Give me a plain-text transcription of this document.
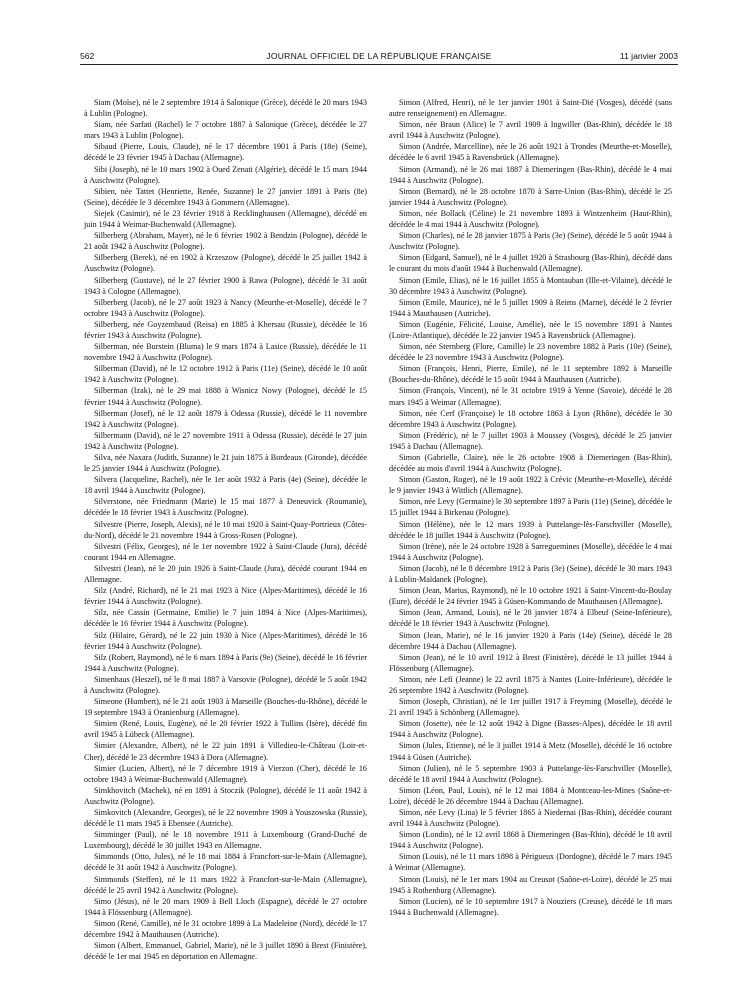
562	JOURNAL OFFICIEL DE LA RÉPUBLIQUE FRANÇAISE	11 janvier 2003

Siam (Moïse), né le 2 septembre 1914 à Salonique (Grèce), décédé le 20 mars 1943 à Lublin (Pologne).

Siam, née Sarfati (Rachel) le 7 octobre 1887 à Salonique (Grèce), décédée le 27 mars 1943 à Lublin (Pologne).

Sibaud (Pierre, Louis, Claude), né le 17 décembre 1901 à Paris (18e) (Seine), décédé le 23 février 1945 à Dachau (Allemagne).

Sibi (Joseph), né le 10 mars 1902 à Oued Zenati (Algérie), décédé le 15 mars 1944 à Auschwitz (Pologne).

Sibien, née Tattet (Henriette, Renée, Suzanne) le 27 janvier 1891 à Paris (8e) (Seine), décédée le 3 décembre 1943 à Gommern (Allemagne).

Siejek (Casimir), né le 23 février 1918 à Recklinghausen (Allemagne), décédé en juin 1944 à Weimar-Buchenwald (Allemagne).

Silberberg (Abraham, Mayer), né le 6 février 1902 à Bendzin (Pologne), décédé le 21 août 1942 à Auschwitz (Pologne).

Silberberg (Berek), né en 1902 à Krzeszow (Pologne), décédé le 25 juillet 1942 à Auschwitz (Pologne).

Silberberg (Gustave), né le 27 février 1900 à Rawa (Pologne), décédé le 31 août 1943 à Cologne (Allemagne).

Silberberg (Jacob), né le 27 août 1923 à Nancy (Meurthe-et-Moselle), décédé le 7 octobre 1943 à Auschwitz (Pologne).

Silberberg, née Goyzembaud (Reisa) en 1885 à Khersau (Russie), décédée le 16 février 1943 à Auschwitz (Pologne).

Silberman, née Burstein (Bluma) le 9 mars 1874 à Lasice (Russie), décédée le 11 novembre 1942 à Auschwitz (Pologne).

Silberman (David), né le 12 octobre 1912 à Paris (11e) (Seine), décédé le 10 août 1942 à Auschwitz (Pologne).

Silberman (Izak), né le 29 mai 1888 à Wisnicz Nowy (Pologne), décédé le 15 février 1944 à Auschwitz (Pologne).

Silberman (Josef), né le 12 août 1879 à Odessa (Russie), décédé le 11 novembre 1942 à Auschwitz (Pologne).

Silbermann (David), né le 27 novembre 1911 à Odessa (Russie), décédé le 27 juin 1942 à Auschwitz (Pologne).

Silva, née Naxara (Judith, Suzanne) le 21 juin 1875 à Bordeaux (Gironde), décédée le 25 janvier 1944 à Auschwitz (Pologne).

Silvera (Jacqueline, Rachel), née le 1er août 1932 à Paris (4e) (Seine), décédée le 18 avril 1944 à Auschwitz (Pologne).

Silverstone, née Friedmann (Marie) le 15 mai 1877 à Deneuvick (Roumanie), décédée le 18 février 1943 à Auschwitz (Pologne).

Silvestre (Pierre, Joseph, Alexis), né le 10 mai 1920 à Saint-Quay-Portrieux (Côtes-du-Nord), décédé le 21 novembre 1944 à Gross-Rosen (Pologne).

Silvestri (Félix, Georges), né le 1er novembre 1922 à Saint-Claude (Jura), décédé courant 1944 en Allemagne.

Silvestri (Jean), né le 20 juin 1926 à Saint-Claude (Jura), décédé courant 1944 en Allemagne.

Silz (André, Richard), né le 21 mai 1923 à Nice (Alpes-Maritimes), décédé le 16 février 1944 à Auschwitz (Pologne).

Silz, née Cassin (Germaine, Emilie) le 7 juin 1894 à Nice (Alpes-Maritimes), décédée le 16 février 1944 à Auschwitz (Pologne).

Silz (Hilaire, Gérard), né le 22 juin 1930 à Nice (Alpes-Maritimes), décédé le 16 février 1944 à Auschwitz (Pologne).

Silz (Robert, Raymond), né le 6 mars 1894 à Paris (9e) (Seine), décédé le 16 février 1944 à Auschwitz (Pologne).

Simenhaus (Heszel), né le 8 mai 1887 à Varsovie (Pologne), décédé le 5 août 1942 à Auschwitz (Pologne).

Simeone (Humbert), né le 21 août 1903 à Marseille (Bouches-du-Rhône), décédé le 19 septembre 1943 à Oranienburg (Allemagne).

Simien (René, Louis, Eugène), né le 20 février 1922 à Tullins (Isère), décédé fin avril 1945 à Lübeck (Allemagne).

Simier (Alexandre, Albert), né le 22 juin 1891 à Villedieu-le-Château (Loir-et-Cher), décédé le 23 décembre 1943 à Dora (Allemagne).

Simier (Lucien, Albert), né le 7 décembre 1919 à Vierzon (Cher), décédé le 16 octobre 1943 à Weimar-Buchenwald (Allemagne).

Simkhovitch (Machek), né en 1891 à Stoczik (Pologne), décédé le 11 août 1942 à Auschwitz (Pologne).

Simkovitch (Alexandre, Georges), né le 22 novembre 1909 à Youszowska (Russie), décédé le 11 mars 1945 à Ebensee (Autriche).

Simminger (Paul), né le 18 novembre 1911 à Luxembourg (Grand-Duché de Luxembourg), décédé le 30 juillet 1943 en Allemagne.

Simmonds (Otto, Jules), né le 18 mai 1884 à Francfort-sur-le-Main (Allemagne), décédé le 31 août 1942 à Auschwitz (Pologne).

Simmonds (Steffen), né le 11 mars 1922 à Francfort-sur-le-Main (Allemagne), décédé le 25 avril 1942 à Auschwitz (Pologne).

Simo (Jésus), né le 20 mars 1909 à Bell Lloch (Espagne), décédé le 27 octobre 1944 à Flössenburg (Allemagne).

Simon (René, Camille), né le 31 octobre 1899 à La Madeleine (Nord), décédé le 17 décembre 1942 à Mauthausen (Autriche).

Simon (Albert, Emmanuel, Gabriel, Marie), né le 3 juillet 1890 à Brest (Finistère), décédé le 1er mai 1945 en déportation en Allemagne.

Simon (Alfred, Henri), né le 1er janvier 1901 à Saint-Dié (Vosges), décédé (sans autre renseignement) en Allemagne.

Simon, née Braun (Alice) le 7 avril 1909 à Ingwiller (Bas-Rhin), décédée le 18 avril 1944 à Auschwitz (Pologne).

Simon (Andrée, Marcelline), née le 26 août 1921 à Trondes (Meurthe-et-Moselle), décédée le 6 avril 1945 à Ravensbrück (Allemagne).

Simon (Armand), né le 26 mai 1887 à Diemeringen (Bas-Rhin), décédé le 4 mai 1944 à Auschwitz (Pologne).

Simon (Bernard), né le 28 octobre 1870 à Sarre-Union (Bas-Rhin), décédé le 25 janvier 1944 à Auschwitz (Pologne).

Simon, née Bollack (Céline) le 21 novembre 1893 à Wintzenheim (Haut-Rhin), décédée le 4 mai 1944 à Auschwitz (Pologne).

Simon (Charles), né le 28 janvier 1875 à Paris (3e) (Seine), décédé le 5 août 1944 à Auschwitz (Pologne).

Simon (Edgard, Samuel), né le 4 juillet 1920 à Strasbourg (Bas-Rhin), décédé dans le courant du mois d'août 1944 à Buchenwald (Allemagne).

Simon (Emile, Elias), né le 16 juillet 1855 à Montauban (Ille-et-Vilaine), décédé le 30 décembre 1943 à Auschwitz (Pologne).

Simon (Emile, Maurice), né le 5 juillet 1909 à Reims (Marne), décédé le 2 février 1944 à Mauthausen (Autriche).

Simon (Eugénie, Félicité, Louise, Amélie), née le 15 novembre 1891 à Nantes (Loire-Atlantique), décédée le 22 janvier 1945 à Ravensbrück (Allemagne).

Simon, née Sternberg (Flore, Camille) le 23 novembre 1882 à Paris (10e) (Seine), décédée le 23 novembre 1943 à Auschwitz (Pologne).

Simon (François, Henri, Pierre, Emile), né le 11 septembre 1892 à Marseille (Bouches-du-Rhône), décédé le 15 août 1944 à Mauthausen (Autriche).

Simon (François, Vincent), né le 31 octobre 1919 à Yenne (Savoie), décédé le 28 mars 1945 à Weimar (Allemagne).

Simon, née Cerf (Françoise) le 18 octobre 1863 à Lyon (Rhône), décédée le 30 décembre 1943 à Auschwitz (Pologne).

Simon (Frédéric), né le 7 juillet 1903 à Moussey (Vosges), décédé le 25 janvier 1945 à Dachau (Allemagne).

Simon (Gabrielle, Claire), née le 26 octobre 1908 à Diemeringen (Bas-Rhin), décédée au mois d'avril 1944 à Auschwitz (Pologne).

Simon (Gaston, Roger), né le 19 août 1922 à Crévic (Meurthe-et-Moselle), décédé le 9 janvier 1943 à Wittlich (Allemagne).

Simon, née Levy (Germaine) le 30 septembre 1897 à Paris (11e) (Seine), décédée le 15 juillet 1944 à Birkenau (Pologne).

Simon (Hélène), née le 12 mars 1939 à Puttelange-lès-Farschviller (Moselle), décédée le 18 juillet 1944 à Auschwitz (Pologne).

Simon (Irène), née le 24 octobre 1928 à Sarreguemines (Moselle), décédée le 4 mai 1944 à Auschwitz (Pologne).

Simon (Jacob), né le 8 décembre 1912 à Paris (3e) (Seine), décédé le 30 mars 1943 à Lublin-Maïdanek (Pologne).

Simon (Jean, Marius, Raymond), né le 10 octobre 1921 à Saint-Vincent-du-Boulay (Eure), décédé le 24 février 1945 à Güsen-Kommando de Mauthausen (Allemagne).

Simon (Jean, Armand, Louis), né le 28 janvier 1874 à Elbeuf (Seine-Inférieure), décédé le 18 février 1943 à Auschwitz (Pologne).

Simon (Jean, Marie), né le 16 janvier 1920 à Paris (14e) (Seine), décédé le 28 décembre 1944 à Dachau (Allemagne).

Simon (Jean), né le 10 avril 1912 à Brest (Finistère), décédé le 13 juillet 1944 à Flössenburg (Allemagne).

Simon, née Lefi (Jeanne) le 22 avril 1875 à Nantes (Loire-Inférieure), décédée le 26 septembre 1942 à Auschwitz (Pologne).

Simon (Joseph, Christian), né le 1er juillet 1917 à Freyming (Moselle), décédé le 21 avril 1945 à Schönberg (Allemagne).

Simon (Josette), née le 12 août 1942 à Digne (Basses-Alpes), décédée le 18 avril 1944 à Auschwitz (Pologne).

Simon (Jules, Etienne), né le 3 juillet 1914 à Metz (Moselle), décédé le 16 octobre 1944 à Güsen (Autriche).

Simon (Julien), né le 5 septembre 1903 à Puttelange-lès-Farschviller (Moselle), décédé le 18 avril 1944 à Auschwitz (Pologne).

Simon (Léon, Paul, Louis), né le 12 mai 1884 à Montceau-les-Mines (Saône-et-Loire), décédé le 26 décembre 1944 à Dachau (Allemagne).

Simon, née Levy (Lina) le 5 février 1865 à Niedernai (Bas-Rhin), décédée courant avril 1944 à Auschwitz (Pologne).

Simon (Londin), né le 12 avril 1868 à Diemeringen (Bas-Rhin), décédé le 18 avril 1944 à Auschwitz (Pologne).

Simon (Louis), né le 11 mars 1898 à Périgueux (Dordogne), décédé le 7 mars 1945 à Weimar (Allemagne).

Simon (Louis), né le 1er mars 1904 au Creusot (Saône-et-Loire), décédé le 25 mai 1945 à Rothenburg (Allemagne).

Simon (Lucien), né le 10 septembre 1917 à Nouziers (Creuse), décédé le 18 mars 1944 à Buchenwald (Allemagne).
